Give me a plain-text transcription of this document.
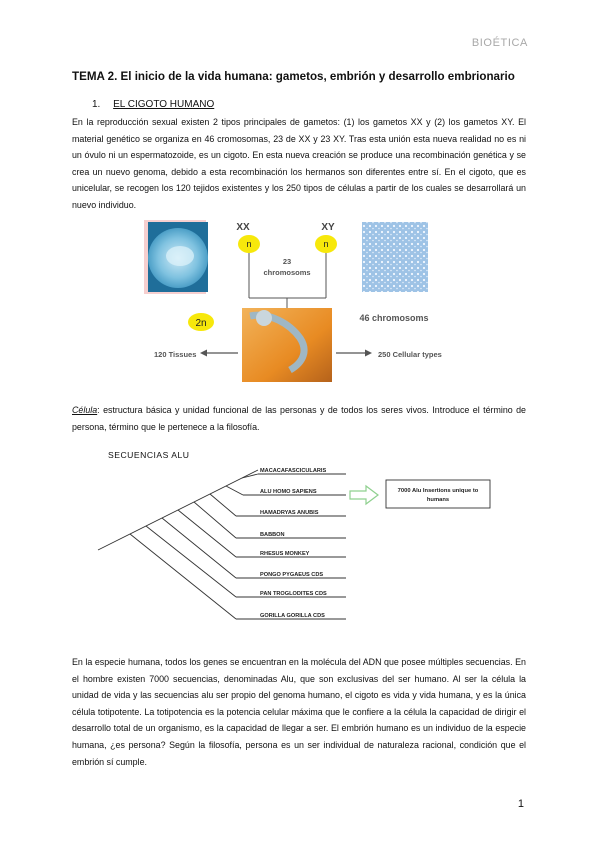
BIOÉTICA
TEMA 2. El inicio de la vida humana: gametos, embrión y desarrollo embrionario
1. EL CIGOTO HUMANO
En la reproducción sexual existen 2 tipos principales de gametos: (1) los gametos XX y (2) los gametos XY. El material genético se organiza en 46 cromosomas, 23 de XX y 23 XY. Tras esta unión esta nueva realidad no es ni un óvulo ni un espermatozoide, es un cigoto. En esta nueva creación se produce una recombinación genética y se crea un nuevo genoma, debido a esta recombinación los hermanos son diferentes entre sí. En el cigoto, que es unicelular, se recogen los 120 tejidos existentes y los 250 tipos de células a partir de los cuales se desarrollará un nuevo individuo.
XX	XY
n	n
23
chromosoms
2n	46 chromosoms
120 Tissues	250 Cellular types
Célula: estructura básica y unidad funcional de las personas y de todos los seres vivos. Introduce el término de persona, término que le pertenece a la filosofía.
SECUENCIAS ALU
MACACAFASCICULARIS
ALU HOMO SAPIENS
HAMADRYAS ANUBIS
BABBON
RHESUS MONKEY
PONGO PYGAEUS CDS
PAN TROGLODITES CDS
GORILLA GORILLA CDS
7000 Alu Insertions unique to
humans
En la especie humana, todos los genes se encuentran en la molécula del ADN que posee múltiples secuencias. En el hombre existen 7000 secuencias, denominadas Alu, que son exclusivas del ser humano. Al ser la célula la unidad de vida y las secuencias alu ser propio del genoma humano, el cigoto es vida y vida humana, y es la única célula totipotente. La totipotencia es la potencia celular máxima que le confiere a la célula la capacidad de dirigir el desarrollo total de un organismo, es la capacidad de llegar a ser. El embrión humano es un individuo de la especie humana, ¿es persona? Según la filosofía, persona es un ser individual de naturaleza racional, condición que el embrión sí cumple.
1
